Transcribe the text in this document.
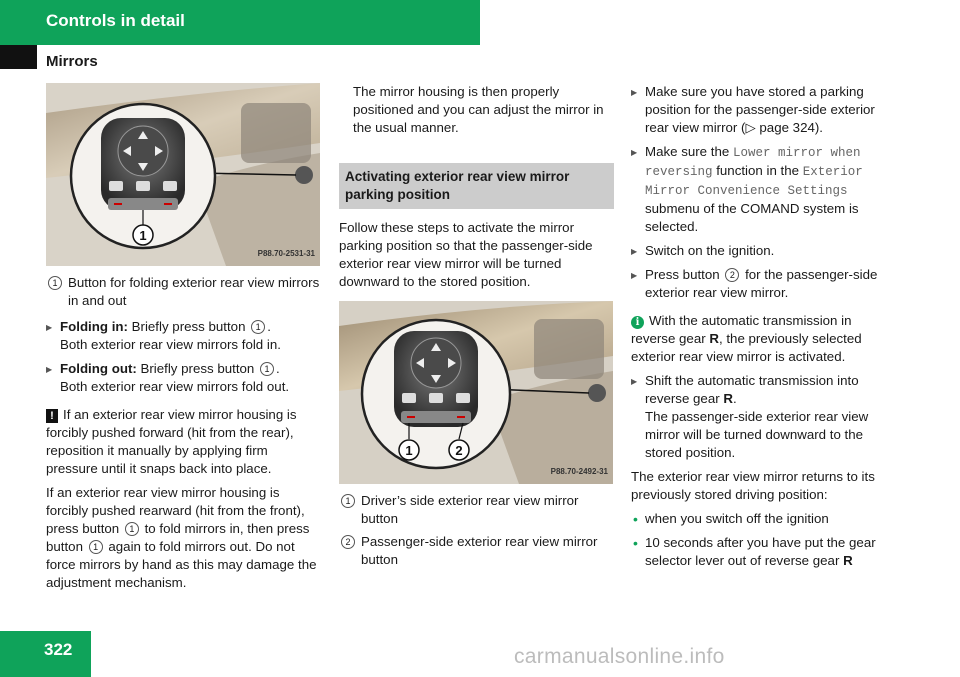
Controls in detail
Mirrors
1
P88.70-2531-31
1 Button for folding exterior rear view mirrors in and out
▶ Folding in: Briefly press button 1 .
Both exterior rear view mirrors fold in.
▶ Folding out: Briefly press button 1 .
Both exterior rear view mirrors fold out.

! If an exterior rear view mirror housing is forcibly pushed forward (hit from the rear), reposition it manually by applying firm pressure until it snaps back into place.

If an exterior rear view mirror housing is forcibly pushed rearward (hit from the front), press button 1 to fold mirrors in, then press button 1 again to fold mirrors out. Do not force mirrors by hand as this may damage the adjustment mechanism.

The mirror housing is then properly positioned and you can adjust the mirror in the usual manner.

Activating exterior rear view mirror parking position

Follow these steps to activate the mirror parking position so that the passenger-side exterior rear view mirror will be turned downward to the stored position.

1	2
P88.70-2492-31
1 Driver’s side exterior rear view mirror button
2 Passenger-side exterior rear view mirror button
▶ Make sure you have stored a parking position for the passenger-side exterior rear view mirror (▷ page 324).
▶ Make sure the Lower mirror when reversing function in the Exterior Mirror Convenience Settings submenu of the COMAND system is selected.
▶ Switch on the ignition.
▶ Press button 2 for the passenger-side exterior rear view mirror.

i With the automatic transmission in reverse gear R, the previously selected exterior rear view mirror is activated.

▶ Shift the automatic transmission into reverse gear R.
The passenger-side exterior rear view mirror will be turned downward to the stored position.

The exterior rear view mirror returns to its previously stored driving position:

• when you switch off the ignition
• 10 seconds after you have put the gear selector lever out of reverse gear R
322	carmanualsonline.info
